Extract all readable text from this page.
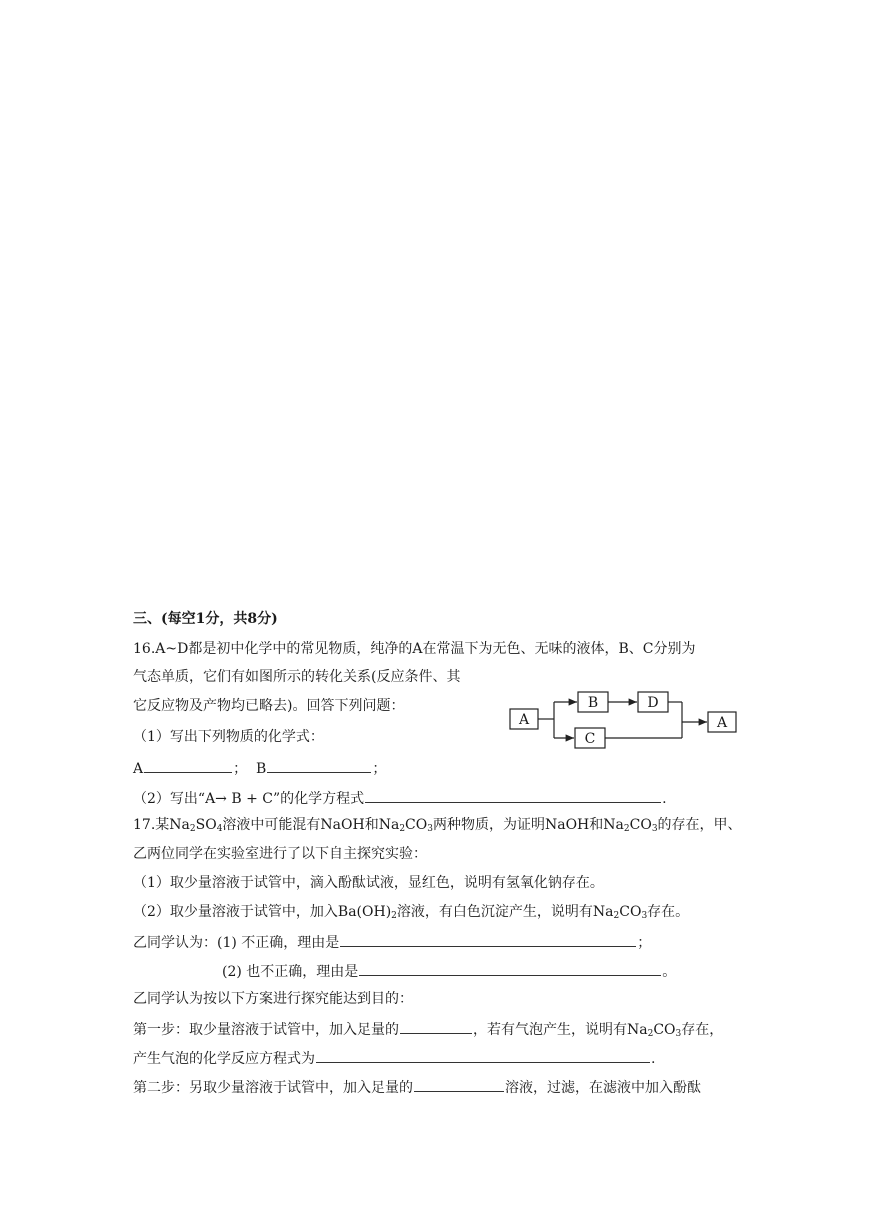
三、(每空1分，共8分)
16.A~D都是初中化学中的常见物质，纯净的A在常温下为无色、无味的液体，B、C分别为
气态单质，它们有如图所示的转化关系(反应条件、其
它反应物及产物均已略去)。回答下列问题：
（1）写出下列物质的化学式：
A	； B	；
（2）写出“A→ B + C”的化学方程式	.
A
B	D
C
A
17.某$Na_2SO_4$溶液中可能混有NaOH和$Na_2CO_3$两种物质，为证明NaOH和$Na_2CO_3$的存在，甲、
乙两位同学在实验室进行了以下自主探究实验：
（1）取少量溶液于试管中，滴入酚酞试液，显红色，说明有氢氧化钠存在。
（2）取少量溶液于试管中，加入$Ba(OH)_2$溶液，有白色沉淀产生，说明有$Na_2CO_3$存在。
乙同学认为：(1) 不正确，理由是	；
(2) 也不正确，理由是	。
乙同学认为按以下方案进行探究能达到目的：
第一步：取少量溶液于试管中，加入足量的	，若有气泡产生，说明有$Na_2CO_3$存在，
产生气泡的化学反应方程式为	.
第二步：另取少量溶液于试管中，加入足量的	溶液，过滤，在滤液中加入酚酞
